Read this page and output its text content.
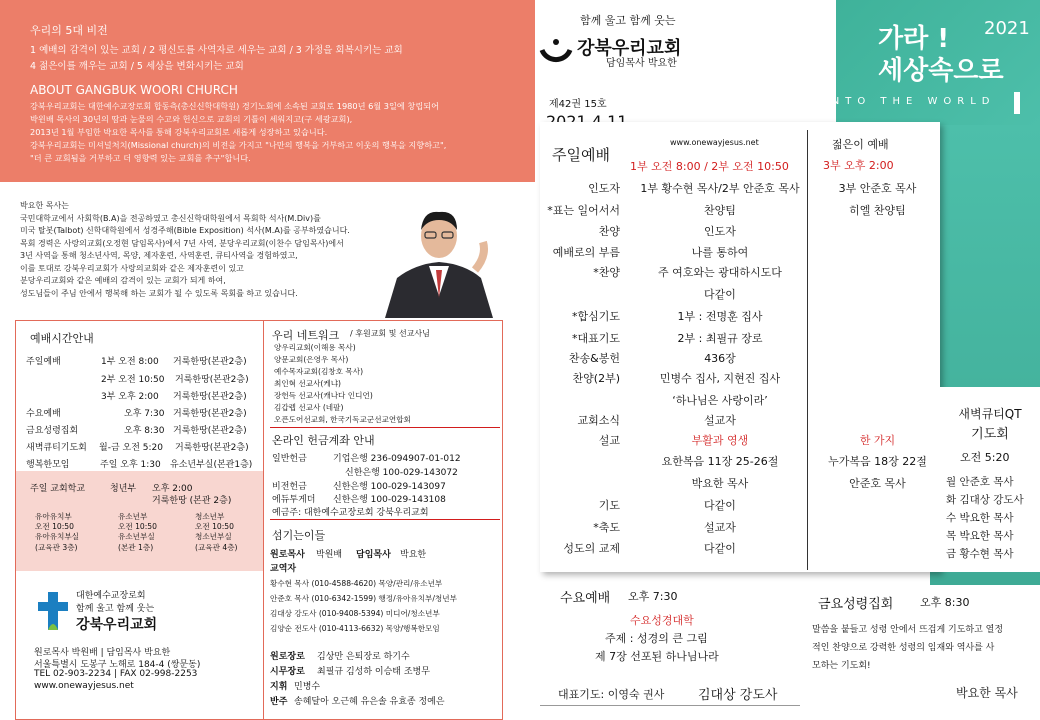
우리의 5대 비전
1 예배의 감격이 있는 교회 / 2 평신도를 사역자로 세우는 교회 / 3 가정을 회복시키는 교회
4 젊은이를 깨우는 교회 / 5 세상을 변화시키는 교회
ABOUT GANGBUK WOORI CHURCH
강북우리교회는 대한예수교장로회 합동측(총신신학대학원) 경기노회에 소속된 교회로 1980년 6월 3일에 창립되어
박윈배 목사의 30년의 땀과 눈물의 수고와 헌신으로 교회의 기틀이 세워지고(구 세광교회),
2013년 1월 부임한 박요한 목사를 통해 강북우리교회로 새롭게 성장하고 있습니다.
강북우리교회는 미셔널처치(Missional church)의 비전을 가지고 "나만의 행복을 거부하고 이웃의 행복을 지향하고",
"더 큰 교회됨을 거부하고 더 영향력 있는 교회를 추구"합니다.
함께 울고 함께 웃는
강북우리교회
담임목사 박요한
제42권 15호
가라 !
세상속으로
2021
GO! INTO THE WORLD
박요한 목사는
국민대학교에서 사회학(B.A)을 전공하였고 총신신학대학원에서 목회학 석사(M.Div)를
미국 탈봇(Talbot) 신학대학원에서 성경주해(Bible Exposition) 석사(M.A)를 공부하였습니다.
목회 경력은 사랑의교회(오정현 담임목사)에서 7년 사역, 분당우리교회(이찬수 담임목사)에서
3년 사역을 통해 청소년사역, 목양, 제자훈련, 사역훈련, 큐티사역을 경험하였고,
이를 토대로 강북우리교회가 사랑의교회와 같은 제자훈련이 있고
분당우리교회와 같은 예배의 감격이 있는 교회가 되게 하여,
성도님들이 주님 안에서 행복해 하는 교회가 될 수 있도록 목회를 하고 있습니다.
예배시간안내
주일예배	1부 오전 8:00 거룩한땅(본관2층)
2부 오전 10:50 거룩한땅(본관2층)
3부 오후 2:00 거룩한땅(본관2층)
수요예배	오후 7:30 거룩한땅(본관2층)
금요성령집회	오후 8:30 거룩한땅(본관2층)
새벽큐티기도회 월-금 오전 5:20 거룩한땅(본관2층)
행복한모임	주일 오후 1:30 유소년부실(본관1층)
주일 교회학교	청년부 오후 2:00
거룩한땅 (본관 2층)
유아유치부
오전 10:50
유아유치부실
(교육관 3층)
유소년부
오전 10:50
유소년부실
(본관 1층)
청소년부
오전 10:50
청소년부실
(교육관 4층)
대한예수교장로회
함께 울고 함께 웃는
강북우리교회
원로목사 박원배 | 담임목사 박요한
서울특별시 도봉구 노해로 184-4 (쌍문동)
TEL 02-903-2234 | FAX 02-998-2253
www.onewayjesus.net
우리 네트워크 / 후원교회 및 선교사님
양우리교회(이해용 목사)
양문교회(은영우 목사)
예수목자교회(김창호 목사)
최인혁 선교사(케냐)
장헌득 선교사(캐나다 인디언)
김갑렙 선교사 (네팔)
오픈도어선교회, 한국기독교군선교연합회
온라인 헌금계좌 안내
일반헌금	기업은행 236-094907-01-012
신한은행 100-029-143072
비전헌금	신한은행 100-029-143097
에듀투게더 신한은행 100-029-143108
예금주: 대한예수교장로회 강북우리교회
섬기는이들
원로목사 박원배 담임목사 박요한
교역자
황수현 목사 (010-4588-4620) 목양/관리/유소년부
안준호 목사 (010-6342-1599) 행정/유아유치부/청년부
김대상 강도사 (010-9408-5394) 미디어/청소년부
김양순 전도사 (010-4113-6632) 목양/행복한모임
원로장로 김상만 은퇴장로 하기수
시무장로 최필규 김성하 이승태 조병무
지휘 민병수
반주 송혜달아 오근혜 유은솔 유효종 정예은
주일예배
www.onewayjesus.net
1부 오전 8:00 / 2부 오전 10:50
젊은이 예배
3부 오후 2:00
인도자	1부 황수현 목사/2부 안준호 목사	3부 안준호 목사
*표는 일어서서	찬양팀	히엘 찬양팀
찬양	인도자
예배로의 부름	나를 통하여
*찬양	주 여호와는 광대하시도다
다같이
*합심기도	1부 : 전명훈 집사
*대표기도	2부 : 최필규 장로
찬송&봉헌	436장
찬양(2부)	민병수 집사, 지현진 집사
‘하나님은 사랑이라’
교회소식	설교자
설교	부활과 영생	한 가지
요한복음 11장 25-26절	누가복음 18장 22절
박요한 목사	안준호 목사
기도	다같이
*축도	설교자
성도의 교제	다같이
새벽큐티QT
기도회
오전 5:20
월 안준호 목사
화 김대상 강도사
수 박요한 목사
목 박요한 목사
금 황수현 목사
수요예배 오후 7:30
수요성경대학
주제 : 성경의 큰 그림
제 7장 선포된 하나님나라
대표기도: 이영숙 권사	김대상 강도사
금요성령집회 오후 8:30
말씀을 붙들고 성령 안에서 뜨겁게 기도하고 열정
적인 찬양으로 강력한 성령의 임재와 역사를 사
모하는 기도회!
박요한 목사
